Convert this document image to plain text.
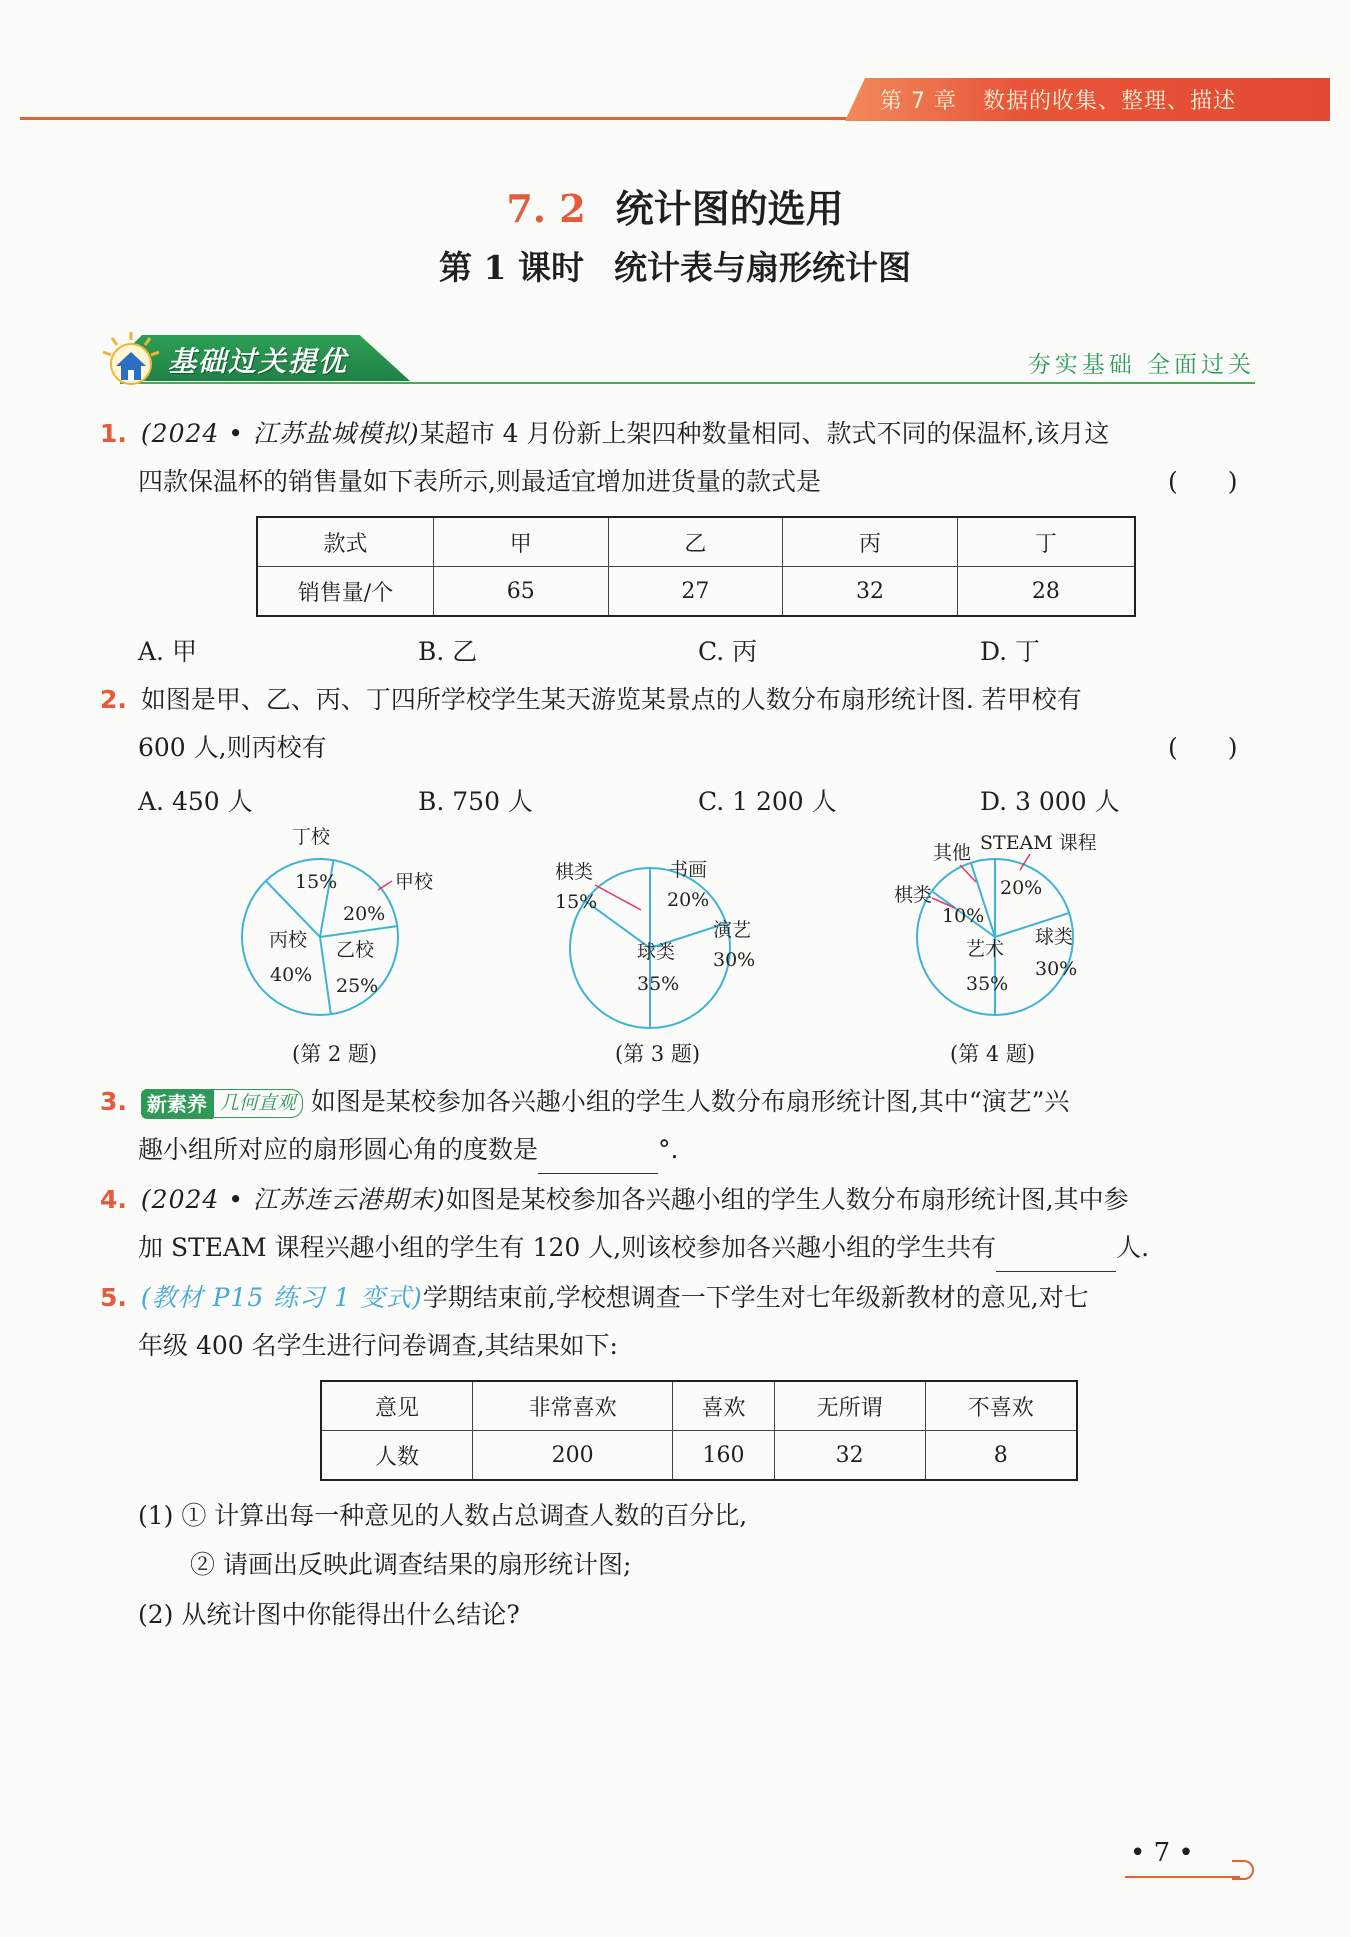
第 7 章 数据的收集、整理、描述
7. 2 统计图的选用
第 1 课时 统计表与扇形统计图
基础过关提优	夯实基础 全面过关
1. (2024 • 江苏盐城模拟)某超市 4 月份新上架四种数量相同、款式不同的保温杯,该月这
四款保温杯的销售量如下表所示,则最适宜增加进货量的款式是	(　　)
款式	甲	乙	丙	丁
销售量/个	65	27	32	28
A. 甲	B. 乙	C. 丙	D. 丁
2. 如图是甲、乙、丙、丁四所学校学生某天游览某景点的人数分布扇形统计图. 若甲校有
600 人,则丙校有	(　　)
A. 450 人	B. 750 人	C. 1 200 人	D. 3 000 人
丁校
15%	甲校
20%
丙校
40%
乙校
25%
(第 2 题)
棋类
15%
书画
20%
演艺
30%
球类
35%
(第 3 题)
其他 STEAM 课程
20%
棋类
10%
球类
30%
艺术
35%
(第 4 题)
3. 新素养 几何直观 如图是某校参加各兴趣小组的学生人数分布扇形统计图,其中“演艺”兴
趣小组所对应的扇形圆心角的度数是	°.
4. (2024 • 江苏连云港期末)如图是某校参加各兴趣小组的学生人数分布扇形统计图,其中参
加 STEAM 课程兴趣小组的学生有 120 人,则该校参加各兴趣小组的学生共有	人.
5. (教材 P15 练习 1 变式)学期结束前,学校想调查一下学生对七年级新教材的意见,对七
年级 400 名学生进行问卷调查,其结果如下:
意见	非常喜欢	喜欢	无所谓	不喜欢
人数	200	160	32	8
(1) ① 计算出每一种意见的人数占总调查人数的百分比,
② 请画出反映此调查结果的扇形统计图;
(2) 从统计图中你能得出什么结论?
• 7 •
